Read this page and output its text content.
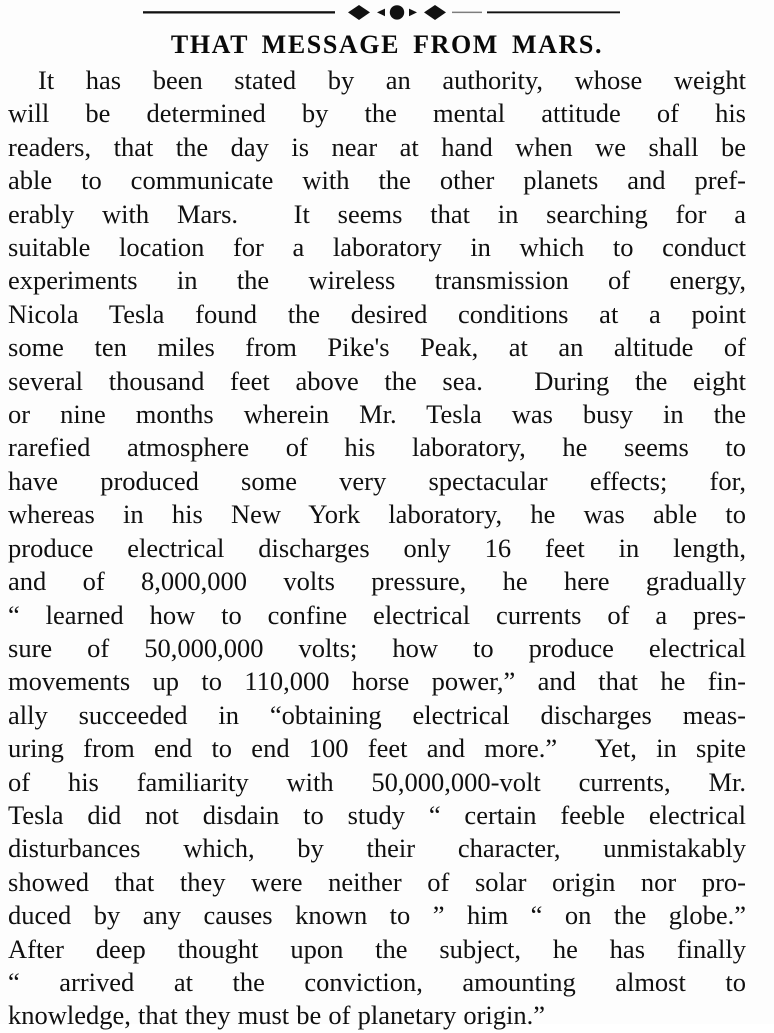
THAT MESSAGE FROM MARS.

It has been stated by an authority, whose weight
will be determined by the mental attitude of his
readers, that the day is near at hand when we shall be
able to communicate with the other planets and pref-
erably with Mars.  It seems that in searching for a
suitable location for a laboratory in which to conduct
experiments in the wireless transmission of energy,
Nicola Tesla found the desired conditions at a point
some ten miles from Pike's Peak, at an altitude of
several thousand feet above the sea.  During the eight
or nine months wherein Mr. Tesla was busy in the
rarefied atmosphere of his laboratory, he seems to
have produced some very spectacular effects; for,
whereas in his New York laboratory, he was able to
produce electrical discharges only 16 feet in length,
and of 8,000,000 volts pressure, he here gradually
“ learned how to confine electrical currents of a pres-
sure of 50,000,000 volts; how to produce electrical
movements up to 110,000 horse power,” and that he fin-
ally succeeded in “obtaining electrical discharges meas-
uring from end to end 100 feet and more.”  Yet, in spite
of his familiarity with 50,000,000-volt currents, Mr.
Tesla did not disdain to study “ certain feeble electrical
disturbances which, by their character, unmistakably
showed that they were neither of solar origin nor pro-
duced by any causes known to ” him “ on the globe.”
After deep thought upon the subject, he has finally
“ arrived at the conviction, amounting almost to
knowledge, that they must be of planetary origin.”
